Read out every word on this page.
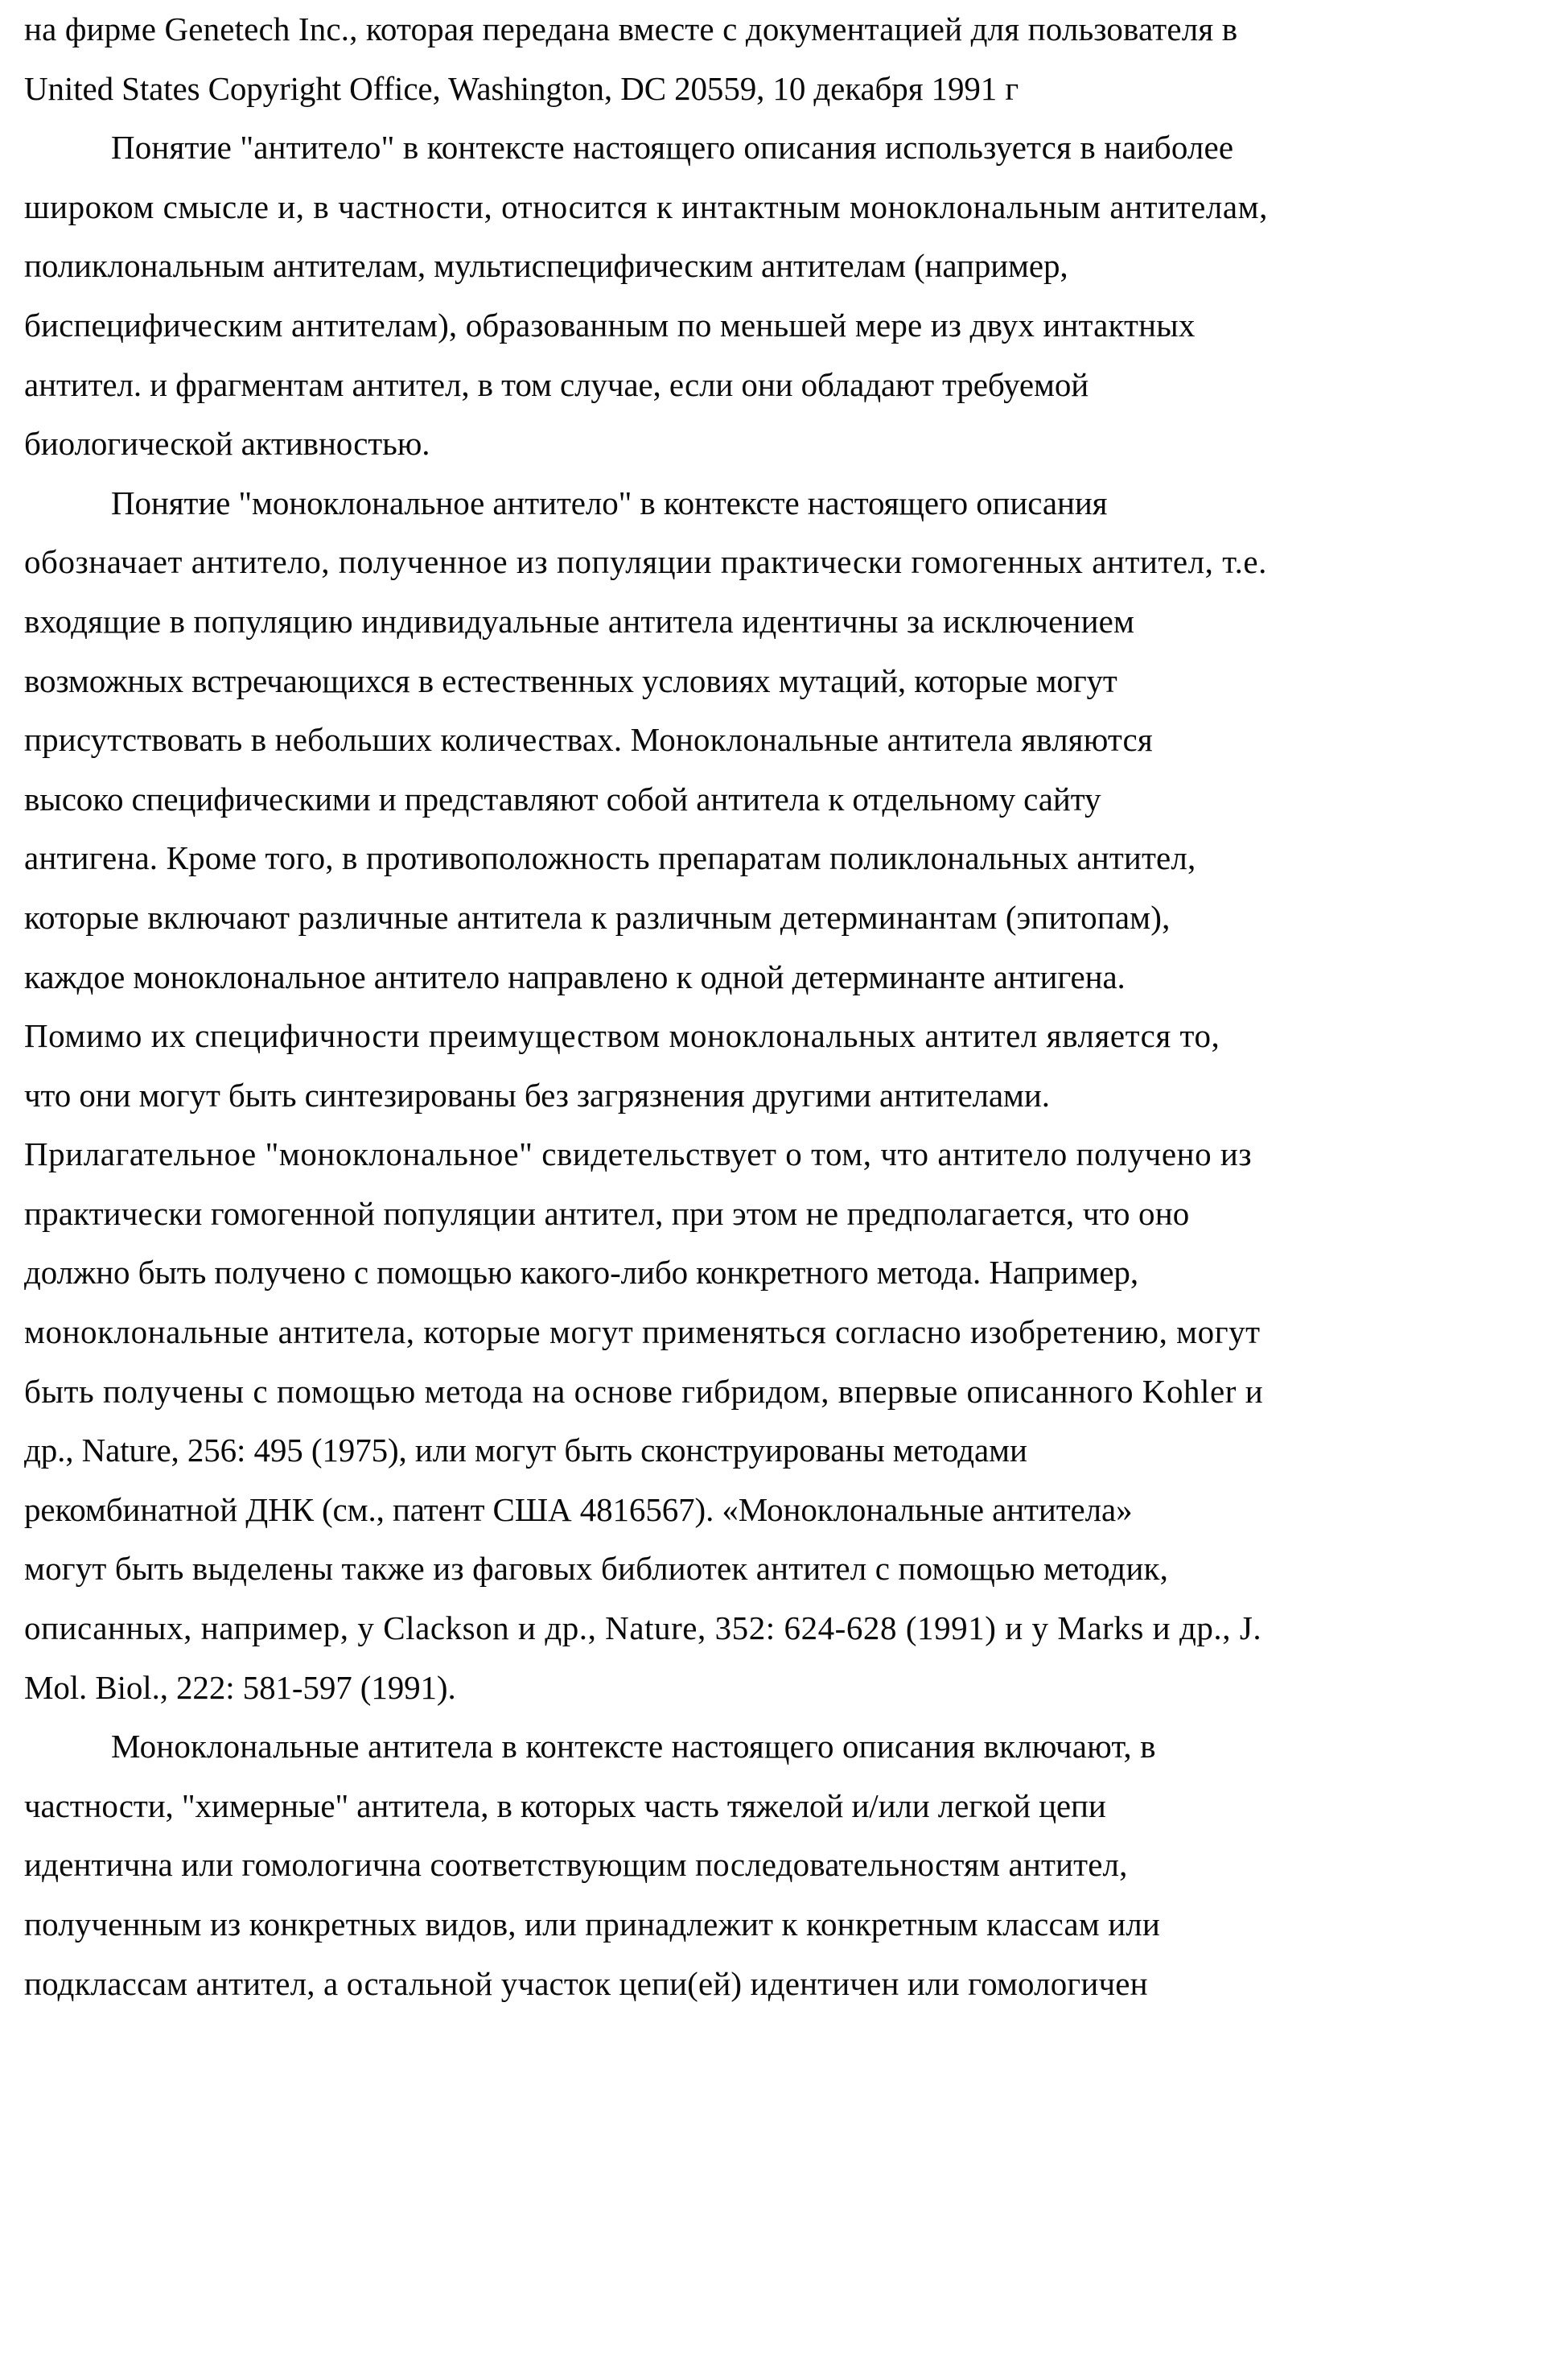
на фирме Genetech Inc., которая передана вместе с документацией для пользователя в
United States Copyright Office, Washington, DC 20559, 10 декабря 1991 г
Понятие "антитело" в контексте настоящего описания используется в наиболее
широком смысле и, в частности, относится к интактным моноклональным антителам,
поликлональным антителам, мультиспецифическим антителам (например,
биспецифическим антителам), образованным по меньшей мере из двух интактных
антител. и фрагментам антител, в том случае, если они обладают требуемой
биологической активностью.
Понятие "моноклональное антитело" в контексте настоящего описания
обозначает антитело, полученное из популяции практически гомогенных антител, т.е.
входящие в популяцию индивидуальные антитела идентичны за исключением
возможных встречающихся в естественных условиях мутаций, которые могут
присутствовать в небольших количествах. Моноклональные антитела являются
высоко специфическими и представляют собой антитела к отдельному сайту
антигена. Кроме того, в противоположность препаратам поликлональных антител,
которые включают различные антитела к различным детерминантам (эпитопам),
каждое моноклональное антитело направлено к одной детерминанте антигена.
Помимо их специфичности преимуществом моноклональных антител является то,
что они могут быть синтезированы без загрязнения другими антителами.
Прилагательное "моноклональное" свидетельствует о том, что антитело получено из
практически гомогенной популяции антител, при этом не предполагается, что оно
должно быть получено с помощью какого-либо конкретного метода. Например,
моноклональные антитела, которые могут применяться согласно изобретению, могут
быть получены с помощью метода на основе гибридом, впервые описанного Kohler и
др., Nature, 256: 495 (1975), или могут быть сконструированы методами
рекомбинатной ДНК (см., патент США 4816567). «Моноклональные антитела»
могут быть выделены также из фаговых библиотек антител с помощью методик,
описанных, например, у Clackson и др., Nature, 352: 624-628 (1991) и у Marks и др., J.
Mol. Biol., 222: 581-597 (1991).
Моноклональные антитела в контексте настоящего описания включают, в
частности, "химерные" антитела, в которых часть тяжелой и/или легкой цепи
идентична или гомологична соответствующим последовательностям антител,
полученным из конкретных видов, или принадлежит к конкретным классам или
подклассам антител, а остальной участок цепи(ей) идентичен или гомологичен
